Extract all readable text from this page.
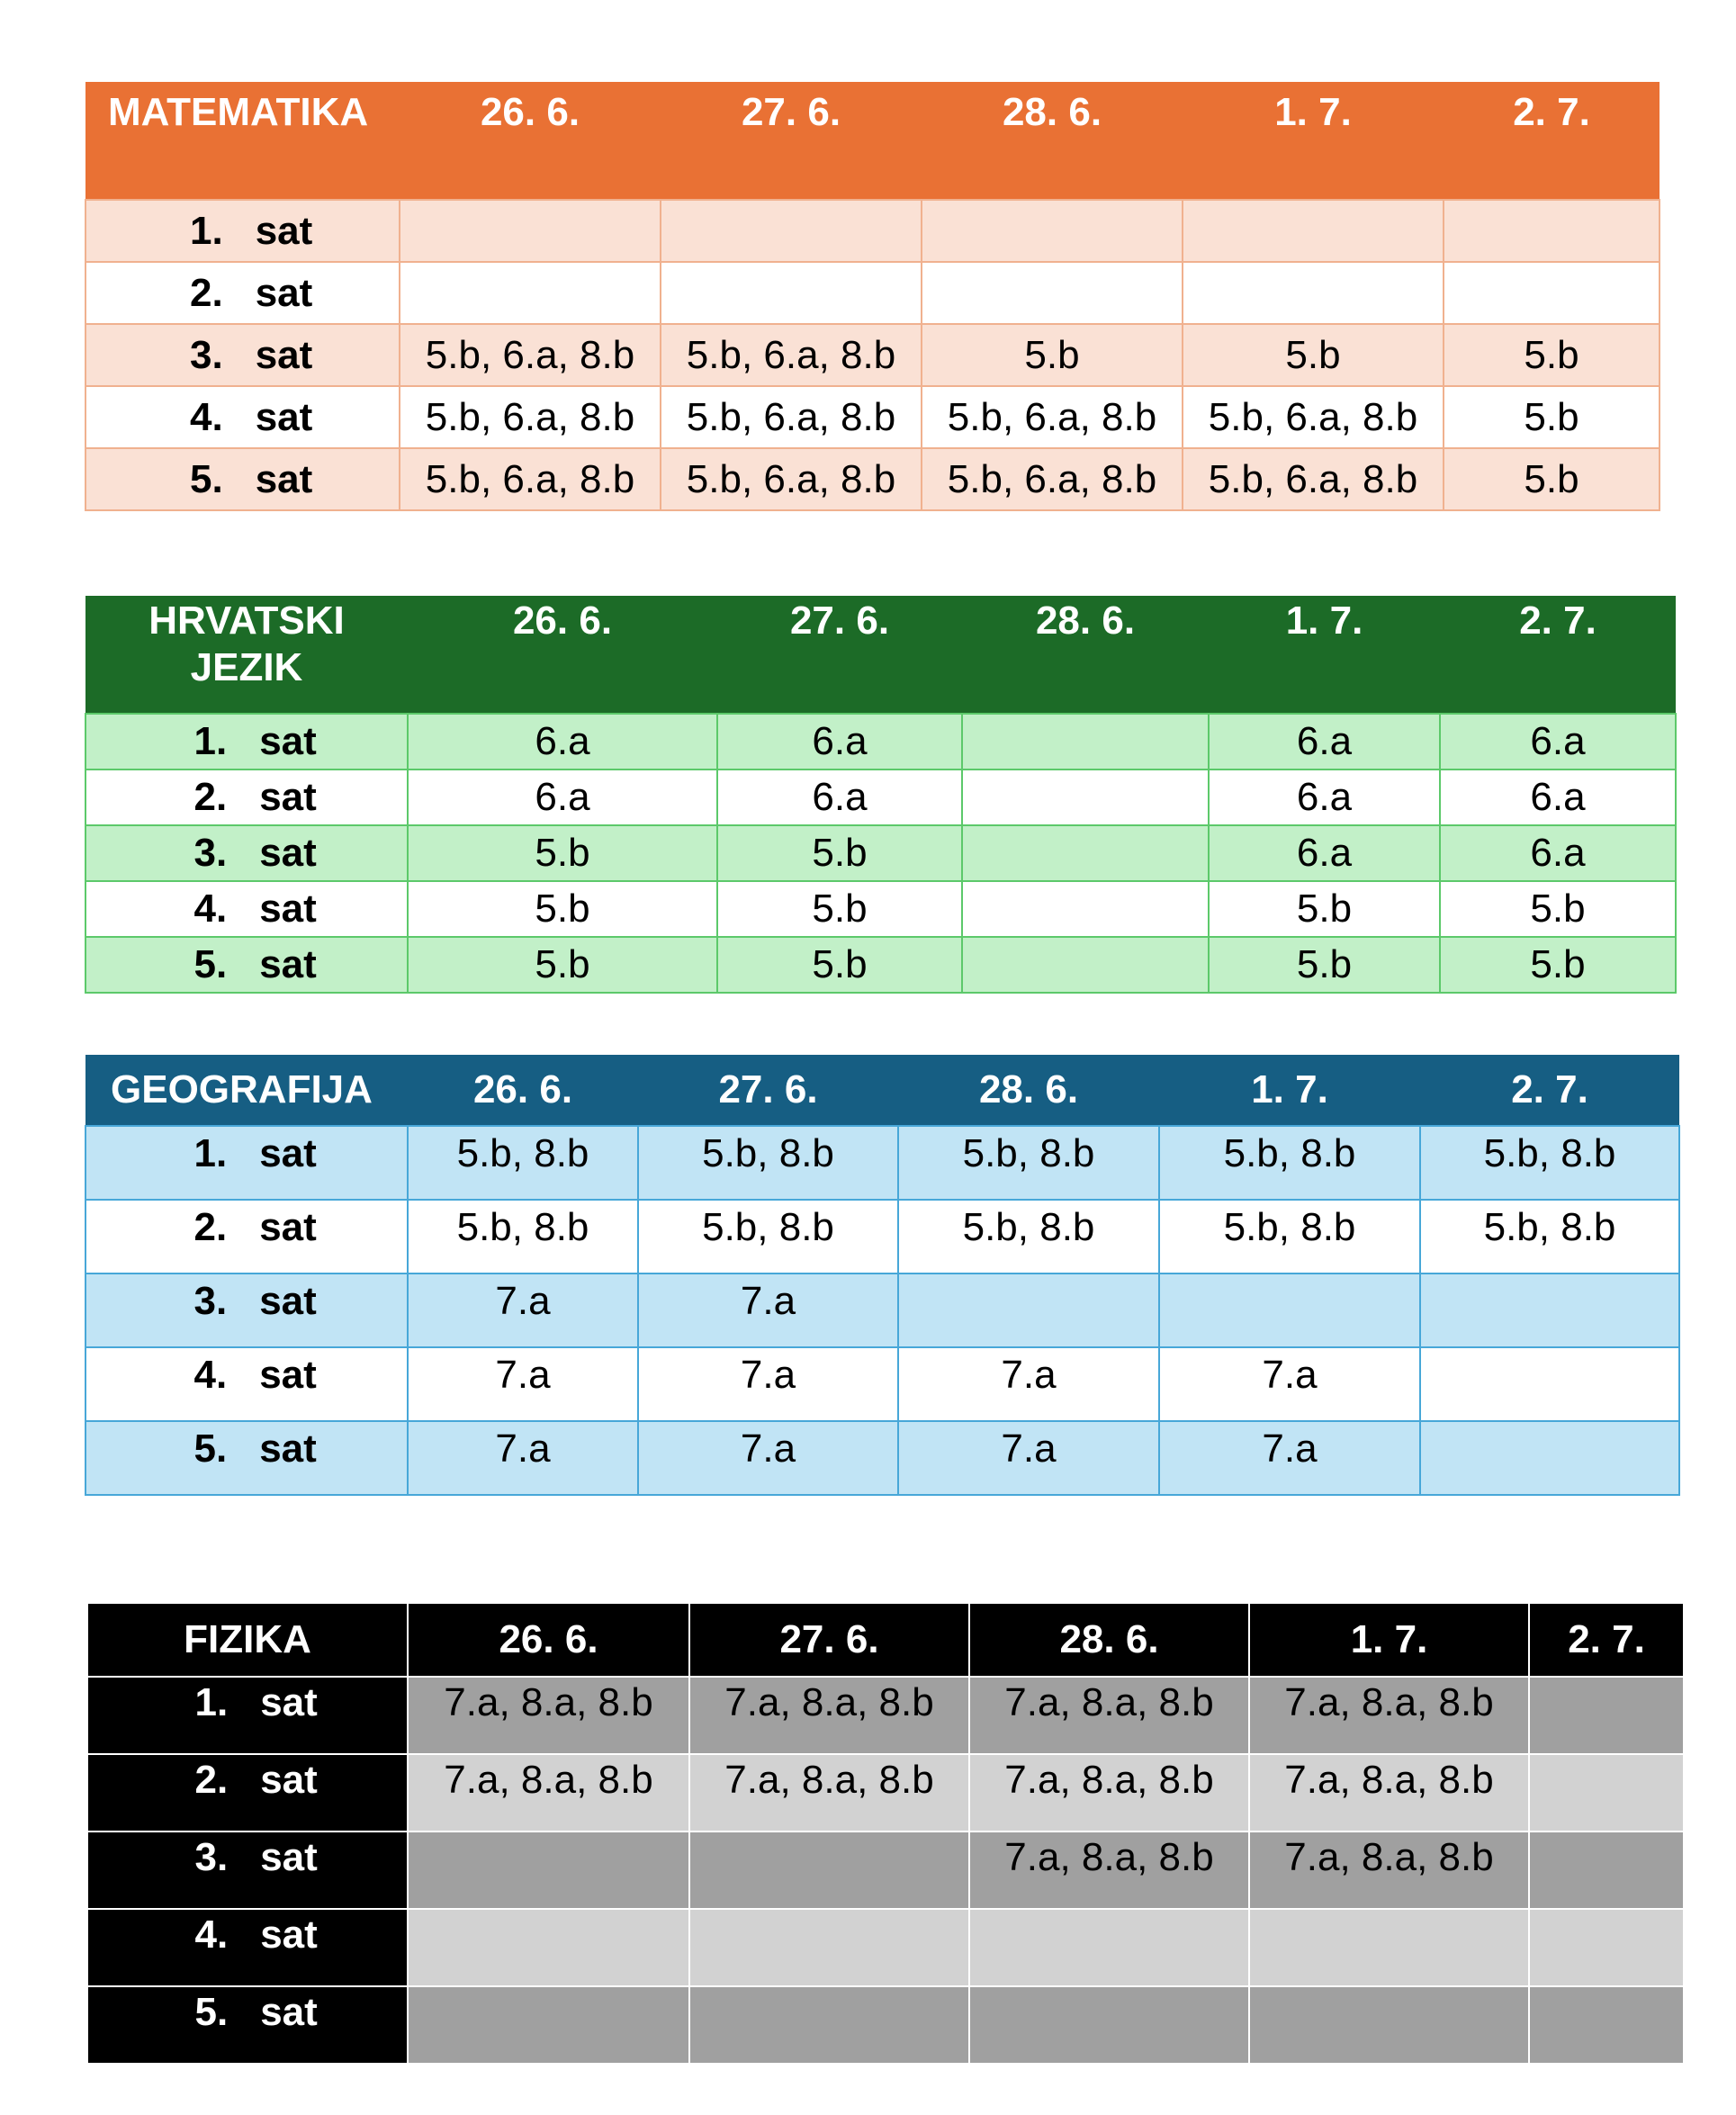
MATEMATIKA	26. 6.	27. 6.	28. 6.	1. 7.	2. 7.
1. sat					
2. sat					
3. sat	5.b, 6.a, 8.b	5.b, 6.a, 8.b	5.b	5.b	5.b
4. sat	5.b, 6.a, 8.b	5.b, 6.a, 8.b	5.b, 6.a, 8.b	5.b, 6.a, 8.b	5.b
5. sat	5.b, 6.a, 8.b	5.b, 6.a, 8.b	5.b, 6.a, 8.b	5.b, 6.a, 8.b	5.b
HRVATSKI
JEZIK	26. 6.	27. 6.	28. 6.	1. 7.	2. 7.
1. sat	6.a	6.a		6.a	6.a
2. sat	6.a	6.a		6.a	6.a
3. sat	5.b	5.b		6.a	6.a
4. sat	5.b	5.b		5.b	5.b
5. sat	5.b	5.b		5.b	5.b
GEOGRAFIJA	26. 6.	27. 6.	28. 6.	1. 7.	2. 7.
1. sat	5.b, 8.b	5.b, 8.b	5.b, 8.b	5.b, 8.b	5.b, 8.b
2. sat	5.b, 8.b	5.b, 8.b	5.b, 8.b	5.b, 8.b	5.b, 8.b
3. sat	7.a	7.a			
4. sat	7.a	7.a	7.a	7.a	
5. sat	7.a	7.a	7.a	7.a	
FIZIKA	26. 6.	27. 6.	28. 6.	1. 7.	2. 7.
1. sat	7.a, 8.a, 8.b	7.a, 8.a, 8.b	7.a, 8.a, 8.b	7.a, 8.a, 8.b	
2. sat	7.a, 8.a, 8.b	7.a, 8.a, 8.b	7.a, 8.a, 8.b	7.a, 8.a, 8.b	
3. sat			7.a, 8.a, 8.b	7.a, 8.a, 8.b	
4. sat					
5. sat					
